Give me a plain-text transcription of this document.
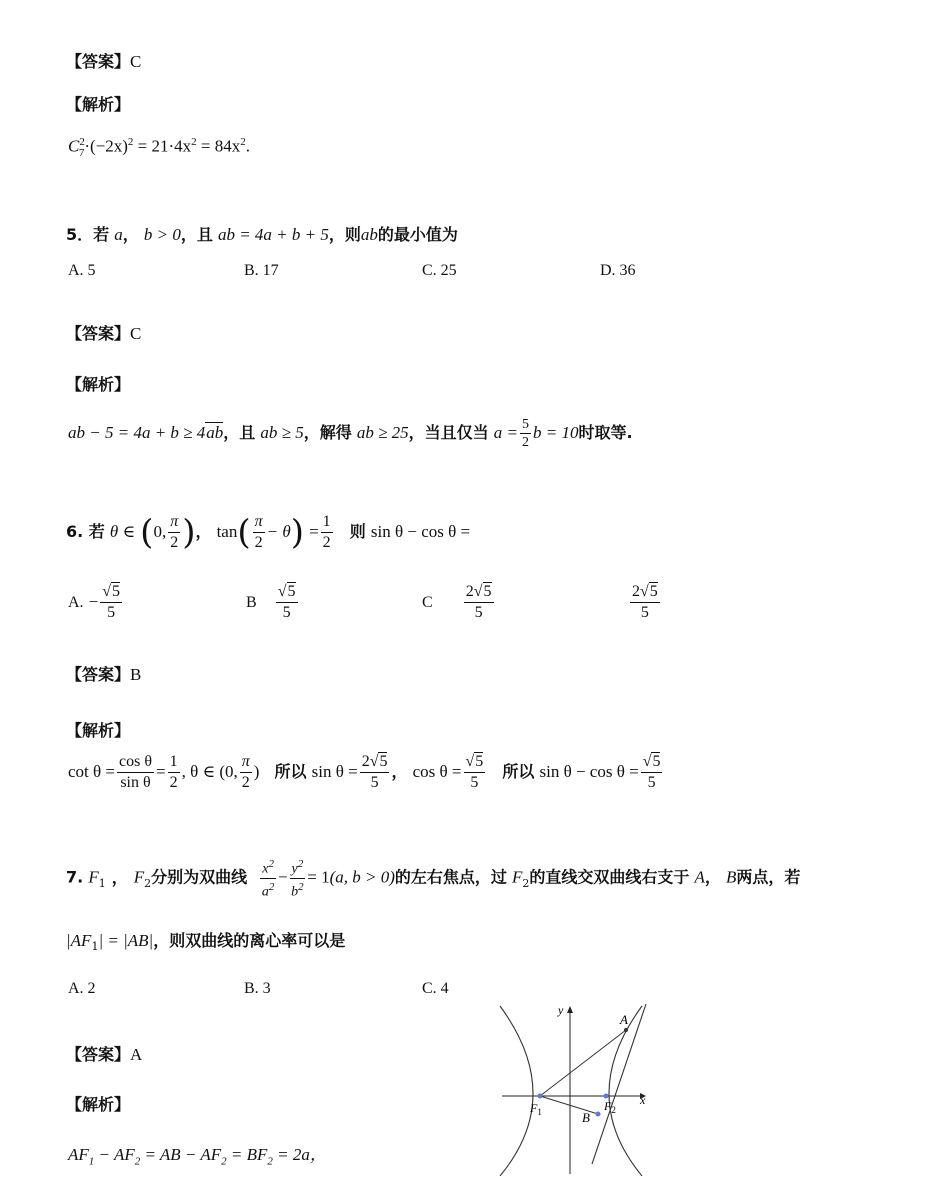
【答案】C
【解析】
$C^2_7\cdot(-2x)^2 = 21\cdot 4x^2 = 84x^2$.
5．若 a， b > 0，且 ab = 4a + b + 5，则ab的最小值为
A. 5	B. 17	C. 25	D. 36
【答案】C
【解析】
ab − 5 = 4a + b ≥ 4ab，且 ab ≥ 5，解得 ab ≥ 25，当且仅当 $a = \frac{5}{2}$ b = 10时取等.
6. 若 θ ∈ (0, $\frac{\pi}{2}$ )， $\tan( \frac{\pi}{2} - \theta) = \frac{1}{2}$ 则 sin θ − cos θ =
A. − $\frac{√5}{5}$	B $\frac{√5}{5}$	C $\frac{2√5}{5}$	$\frac{2√5}{5}$
【答案】B
【解析】
$\cot \theta = \frac{\text{cos θ}}{\text{sin θ}} = \frac{1}{2}$ , θ ∈ (0, $\frac{\pi}{2}$ ) 所以 $\sin \theta = \frac{2√5}{5}$ ， $\cos \theta = \frac{√5}{5}$ 所以 $\sin \theta - \cos \theta = \frac{√5}{5}$
7. $F_1$ ， $F_2$分别为双曲线 $\frac{x^2}{a^2} - \frac{y^2}{b^2} = 1(a$, b > 0)的左右焦点，过 $F_2$的直线交双曲线右支于 A， B两点，若
$|AF_1| = |AB|$，则双曲线的离心率可以是
A. 2	B. 3	C. 4
【答案】A
【解析】
$AF_1 - AF_2$ = AB − $AF_2 = BF_2 = 2a$，
y
x
A
B
$F_1$	$F_2$
